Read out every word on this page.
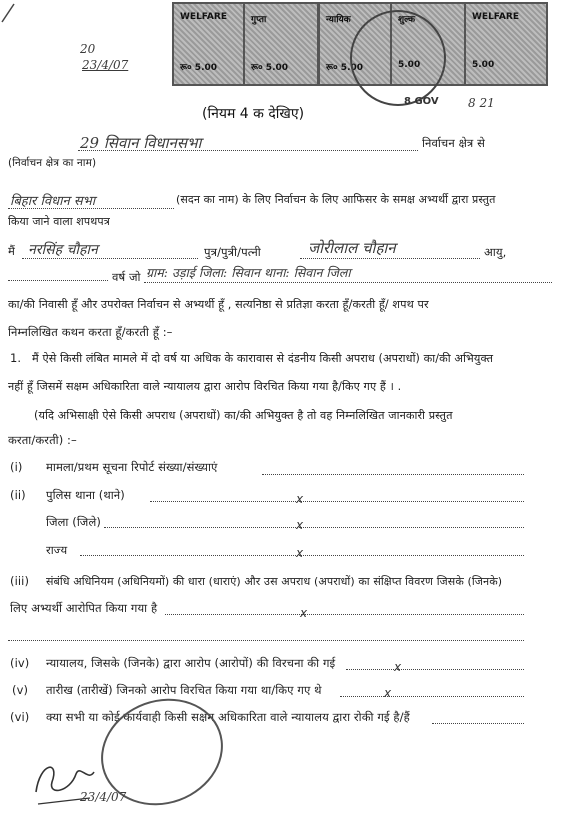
20
23/4/07
WELFARE
रू० 5.00
गुप्ता
रू० 5.00
न्यायिक
रू० 5.00
शुल्क
5.00
WELFARE
5.00
8 GOV 8 21
(नियम 4 क देखिए)
29 सिवान विधानसभा	निर्वाचन क्षेत्र से
(निर्वाचन क्षेत्र का नाम)
बिहार विधान सभा	(सदन का नाम) के लिए निर्वाचन के लिए आफिसर के समक्ष अभ्यर्थी द्वारा प्रस्तुत
किया जाने वाला शपथपत्र
मैं नरसिंह चौहान	पुत्र/पुत्री/पत्नी	जोरीलाल चौहान	आयु,
वर्ष जो ग्राम: उड़ाई जिला: सिवान थाना: सिवान जिला
का/की निवासी हूँ और उपरोक्त निर्वाचन से अभ्यर्थी हूँ , सत्यनिष्ठा से प्रतिज्ञा करता हूँ/करती हूँ/ शपथ पर
निम्नलिखित कथन करता हूँ/करती हूँ :–
1. मैं ऐसे किसी लंबित मामले में दो वर्ष या अधिक के कारावास से दंडनीय किसी अपराध (अपराधों) का/की अभियुक्त
नहीं हूँ जिसमें सक्षम अधिकारिता वाले न्यायालय द्वारा आरोप विरचित किया गया है/किए गए हैं । .
(यदि अभिसाक्षी ऐसे किसी अपराध (अपराधों) का/की अभियुक्त है तो वह निम्नलिखित जानकारी प्रस्तुत
करता/करती) :–
(i) मामला/प्रथम सूचना रिपोर्ट संख्या/संख्याएं
(ii) पुलिस थाना (थाने)	x
जिला (जिले)	x
राज्य	x
(iii) संबंधि अधिनियम (अधिनियमों) की धारा (धाराएं) और उस अपराध (अपराधों) का संक्षिप्त विवरण जिसके (जिनके)
लिए अभ्यर्थी आरोपित किया गया है	x
(iv) न्यायालय, जिसके (जिनके) द्वारा आरोप (आरोपों) की विरचना की गई	x
(v) तारीख (तारीखें) जिनको आरोप विरचित किया गया था/किए गए थे	x
(vi) क्या सभी या कोई कार्यवाही किसी सक्षम अधिकारिता वाले न्यायालय द्वारा रोकी गई है/हैं
23/4/07
